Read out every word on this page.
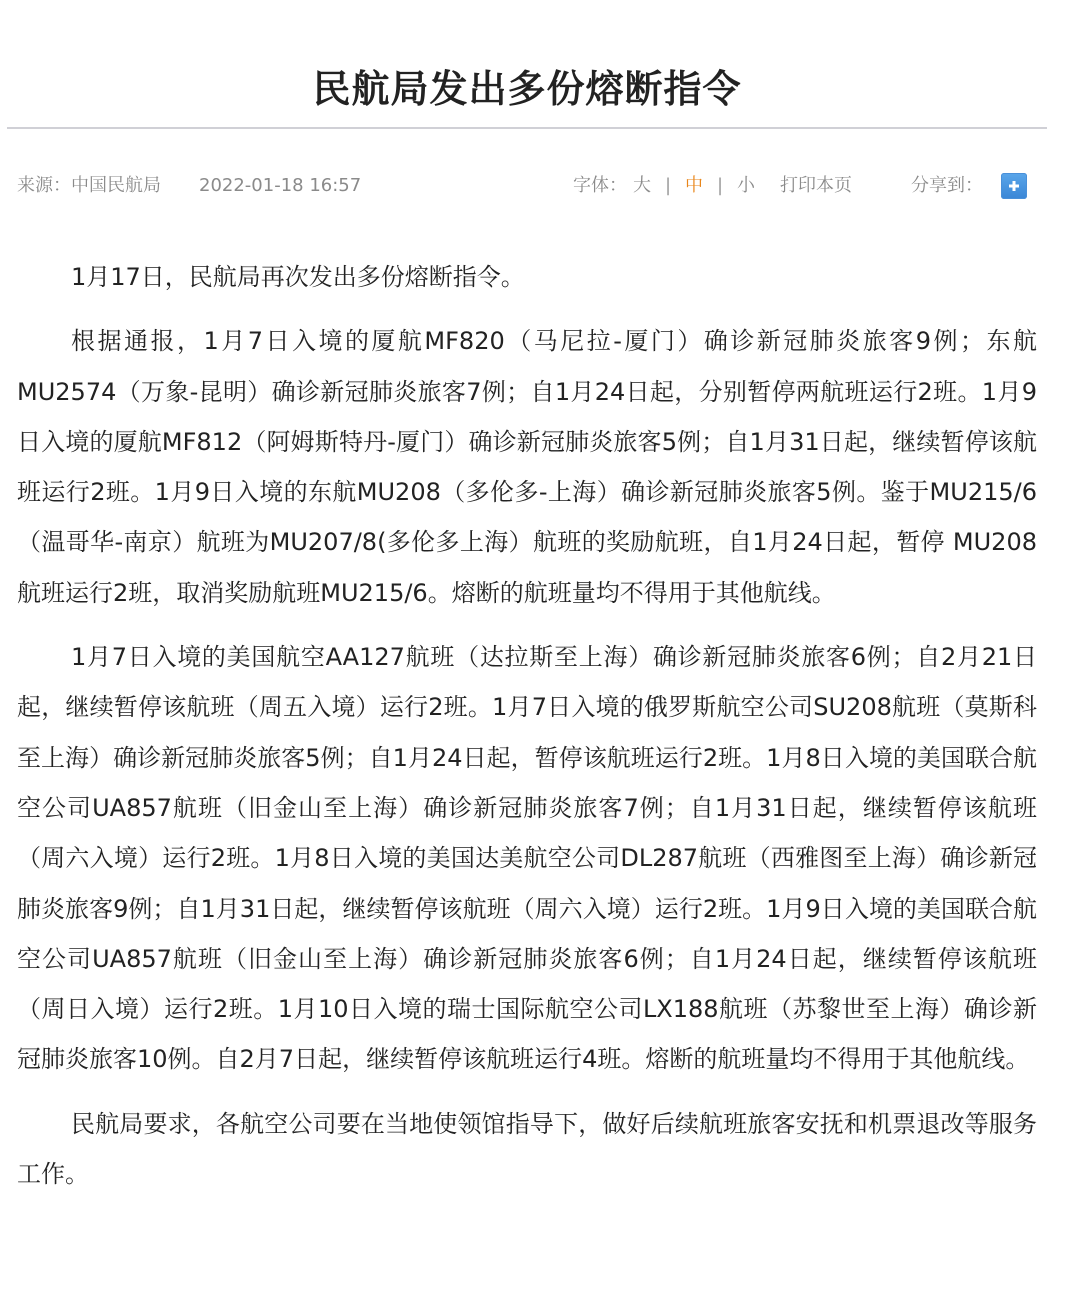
民航局发出多份熔断指令
来源：中国民航局 2022-01-18 16:57	字体： 大 | 中 | 小 打印本页	分享到：

1月17日，民航局再次发出多份熔断指令。

根据通报，1月7日入境的厦航MF820（马尼拉-厦门）确诊新冠肺炎旅客9例；东航MU2574（万象-昆明）确诊新冠肺炎旅客7例；自1月24日起，分别暂停两航班运行2班。1月9日入境的厦航MF812（阿姆斯特丹-厦门）确诊新冠肺炎旅客5例；自1月31日起，继续暂停该航班运行2班。1月9日入境的东航MU208（多伦多-上海）确诊新冠肺炎旅客5例。鉴于MU215/6（温哥华-南京）航班为MU207/8(多伦多上海）航班的奖励航班，自1月24日起，暂停 MU208航班运行2班，取消奖励航班MU215/6。熔断的航班量均不得用于其他航线。

1月7日入境的美国航空AA127航班（达拉斯至上海）确诊新冠肺炎旅客6例；自2月21日起，继续暂停该航班（周五入境）运行2班。1月7日入境的俄罗斯航空公司SU208航班（莫斯科至上海）确诊新冠肺炎旅客5例；自1月24日起，暂停该航班运行2班。1月8日入境的美国联合航空公司UA857航班（旧金山至上海）确诊新冠肺炎旅客7例；自1月31日起，继续暂停该航班（周六入境）运行2班。1月8日入境的美国达美航空公司DL287航班（西雅图至上海）确诊新冠肺炎旅客9例；自1月31日起，继续暂停该航班（周六入境）运行2班。1月9日入境的美国联合航空公司UA857航班（旧金山至上海）确诊新冠肺炎旅客6例；自1月24日起，继续暂停该航班（周日入境）运行2班。1月10日入境的瑞士国际航空公司LX188航班（苏黎世至上海）确诊新冠肺炎旅客10例。自2月7日起，继续暂停该航班运行4班。熔断的航班量均不得用于其他航线。

民航局要求，各航空公司要在当地使领馆指导下，做好后续航班旅客安抚和机票退改等服务工作。
